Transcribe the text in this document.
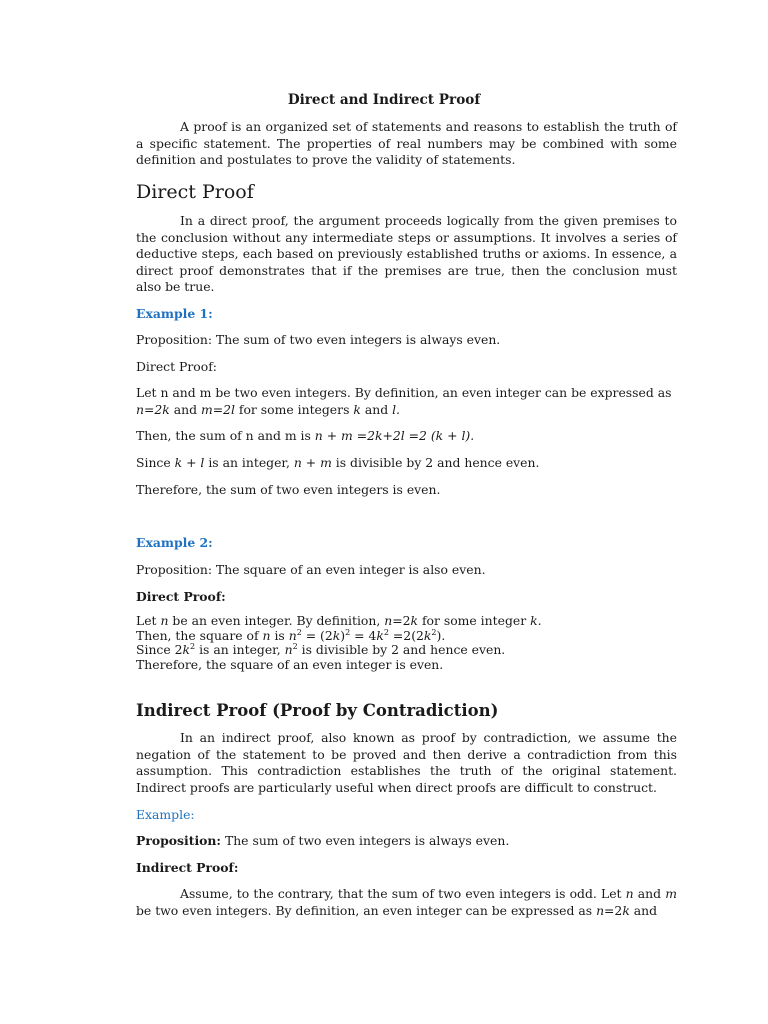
Direct and Indirect Proof

A proof is an organized set of statements and reasons to establish the truth of a specific statement. The properties of real numbers may be combined with some definition and postulates to prove the validity of statements.

Direct Proof

In a direct proof, the argument proceeds logically from the given premises to the conclusion without any intermediate steps or assumptions. It involves a series of deductive steps, each based on previously established truths or axioms. In essence, a direct proof demonstrates that if the premises are true, then the conclusion must also be true.

Example 1:

Proposition: The sum of two even integers is always even.

Direct Proof:

Let n and m be two even integers. By definition, an even integer can be expressed as n=2k and m=2l for some integers k and l.

Then, the sum of n and m is n + m =2k+2l =2 (k + l).

Since k + l is an integer, n + m is divisible by 2 and hence even.

Therefore, the sum of two even integers is even.

Example 2:

Proposition: The square of an even integer is also even.

Direct Proof:

Let n be an even integer. By definition, n=2k for some integer k.
Then, the square of n is $n^2 = (2k)^2 = 4k^2 =2(2k^2)$.
Since $2k^2$ is an integer, $n^2$ is divisible by 2 and hence even.
Therefore, the square of an even integer is even.

Indirect Proof (Proof by Contradiction)

In an indirect proof, also known as proof by contradiction, we assume the negation of the statement to be proved and then derive a contradiction from this assumption. This contradiction establishes the truth of the original statement. Indirect proofs are particularly useful when direct proofs are difficult to construct.

Example:

Proposition: The sum of two even integers is always even.

Indirect Proof:

Assume, to the contrary, that the sum of two even integers is odd. Let n and m be two even integers. By definition, an even integer can be expressed as n=2k and
